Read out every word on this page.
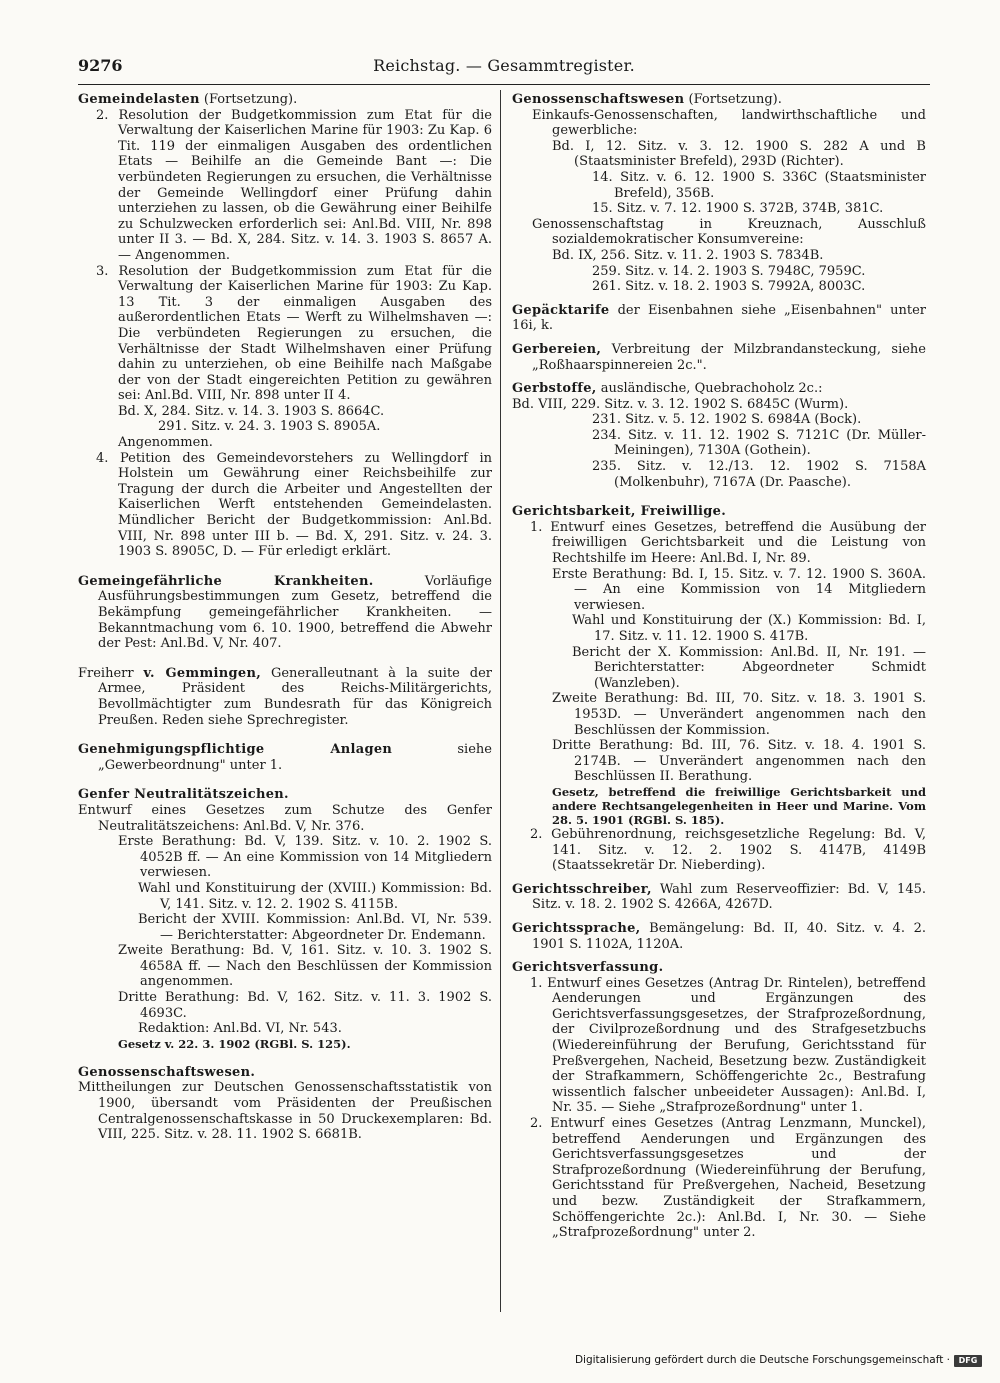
9276	Reichstag. — Gesammtregister.

Gemeindelasten (Fortsetzung).

2. Resolution der Budgetkommission zum Etat für die Verwaltung der Kaiserlichen Marine für 1903: Zu Kap. 6 Tit. 119 der einmaligen Ausgaben des ordentlichen Etats — Beihilfe an die Gemeinde Bant —: Die verbündeten Regierungen zu ersuchen, die Verhältnisse der Gemeinde Wellingdorf einer Prüfung dahin unterziehen zu lassen, ob die Gewährung einer Beihilfe zu Schulzwecken erforderlich sei: Anl.Bd. VIII, Nr. 898 unter II 3. — Bd. X, 284. Sitz. v. 14. 3. 1903 S. 8657 A. — Angenommen.

3. Resolution der Budgetkommission zum Etat für die Verwaltung der Kaiserlichen Marine für 1903: Zu Kap. 13 Tit. 3 der einmaligen Ausgaben des außerordentlichen Etats — Werft zu Wilhelmshaven —: Die verbündeten Regierungen zu ersuchen, die Verhältnisse der Stadt Wilhelmshaven einer Prüfung dahin zu unterziehen, ob eine Beihilfe nach Maßgabe der von der Stadt eingereichten Petition zu gewähren sei: Anl.Bd. VIII, Nr. 898 unter II 4.

Bd. X, 284. Sitz. v. 14. 3. 1903 S. 8664C.

291. Sitz. v. 24. 3. 1903 S. 8905A.

Angenommen.

4. Petition des Gemeindevorstehers zu Wellingdorf in Holstein um Gewährung einer Reichsbeihilfe zur Tragung der durch die Arbeiter und Angestellten der Kaiserlichen Werft entstehenden Gemeindelasten. Mündlicher Bericht der Budgetkommission: Anl.Bd. VIII, Nr. 898 unter III b. — Bd. X, 291. Sitz. v. 24. 3. 1903 S. 8905C, D. — Für erledigt erklärt.

Gemeingefährliche Krankheiten. Vorläufige Ausführungsbestimmungen zum Gesetz, betreffend die Bekämpfung gemeingefährlicher Krankheiten. — Bekanntmachung vom 6. 10. 1900, betreffend die Abwehr der Pest: Anl.Bd. V, Nr. 407.

Freiherr v. Gemmingen, Generalleutnant à la suite der Armee, Präsident des Reichs-Militärgerichts, Bevollmächtigter zum Bundesrath für das Königreich Preußen. Reden siehe Sprechregister.

Genehmigungspflichtige Anlagen siehe „Gewerbeordnung" unter 1.

Genfer Neutralitätszeichen.

Entwurf eines Gesetzes zum Schutze des Genfer Neutralitätszeichens: Anl.Bd. V, Nr. 376.

Erste Berathung: Bd. V, 139. Sitz. v. 10. 2. 1902 S. 4052B ff. — An eine Kommission von 14 Mitgliedern verwiesen.

Wahl und Konstituirung der (XVIII.) Kommission: Bd. V, 141. Sitz. v. 12. 2. 1902 S. 4115B.

Bericht der XVIII. Kommission: Anl.Bd. VI, Nr. 539. — Berichterstatter: Abgeordneter Dr. Endemann.

Zweite Berathung: Bd. V, 161. Sitz. v. 10. 3. 1902 S. 4658A ff. — Nach den Beschlüssen der Kommission angenommen.

Dritte Berathung: Bd. V, 162. Sitz. v. 11. 3. 1902 S. 4693C.

Redaktion: Anl.Bd. VI, Nr. 543.

Gesetz v. 22. 3. 1902 (RGBl. S. 125).

Genossenschaftswesen.

Mittheilungen zur Deutschen Genossenschaftsstatistik von 1900, übersandt vom Präsidenten der Preußischen Centralgenossenschaftskasse in 50 Druckexemplaren: Bd. VIII, 225. Sitz. v. 28. 11. 1902 S. 6681B.

Genossenschaftswesen (Fortsetzung).

Einkaufs-Genossenschaften, landwirthschaftliche und gewerbliche:

Bd. I, 12. Sitz. v. 3. 12. 1900 S. 282 A und B (Staatsminister Brefeld), 293D (Richter).

14. Sitz. v. 6. 12. 1900 S. 336C (Staatsminister Brefeld), 356B.

15. Sitz. v. 7. 12. 1900 S. 372B, 374B, 381C.

Genossenschaftstag in Kreuznach, Ausschluß sozialdemokratischer Konsumvereine:

Bd. IX, 256. Sitz. v. 11. 2. 1903 S. 7834B.

259. Sitz. v. 14. 2. 1903 S. 7948C, 7959C.

261. Sitz. v. 18. 2. 1903 S. 7992A, 8003C.

Gepäcktarife der Eisenbahnen siehe „Eisenbahnen" unter 16i, k.

Gerbereien, Verbreitung der Milzbrandansteckung, siehe „Roßhaarspinnereien 2c.".

Gerbstoffe, ausländische, Quebrachoholz 2c.:

Bd. VIII, 229. Sitz. v. 3. 12. 1902 S. 6845C (Wurm).

231. Sitz. v. 5. 12. 1902 S. 6984A (Bock).

234. Sitz. v. 11. 12. 1902 S. 7121C (Dr. Müller-Meiningen), 7130A (Gothein).

235. Sitz. v. 12./13. 12. 1902 S. 7158A (Molkenbuhr), 7167A (Dr. Paasche).

Gerichtsbarkeit, Freiwillige.

1. Entwurf eines Gesetzes, betreffend die Ausübung der freiwilligen Gerichtsbarkeit und die Leistung von Rechtshilfe im Heere: Anl.Bd. I, Nr. 89.

Erste Berathung: Bd. I, 15. Sitz. v. 7. 12. 1900 S. 360A. — An eine Kommission von 14 Mitgliedern verwiesen.

Wahl und Konstituirung der (X.) Kommission: Bd. I, 17. Sitz. v. 11. 12. 1900 S. 417B.

Bericht der X. Kommission: Anl.Bd. II, Nr. 191. — Berichterstatter: Abgeordneter Schmidt (Wanzleben).

Zweite Berathung: Bd. III, 70. Sitz. v. 18. 3. 1901 S. 1953D. — Unverändert angenommen nach den Beschlüssen der Kommission.

Dritte Berathung: Bd. III, 76. Sitz. v. 18. 4. 1901 S. 2174B. — Unverändert angenommen nach den Beschlüssen II. Berathung.

Gesetz, betreffend die freiwillige Gerichtsbarkeit und andere Rechtsangelegenheiten in Heer und Marine. Vom 28. 5. 1901 (RGBl. S. 185).

2. Gebührenordnung, reichsgesetzliche Regelung: Bd. V, 141. Sitz. v. 12. 2. 1902 S. 4147B, 4149B (Staatssekretär Dr. Nieberding).

Gerichtsschreiber, Wahl zum Reserveoffizier: Bd. V, 145. Sitz. v. 18. 2. 1902 S. 4266A, 4267D.

Gerichtssprache, Bemängelung: Bd. II, 40. Sitz. v. 4. 2. 1901 S. 1102A, 1120A.

Gerichtsverfassung.

1. Entwurf eines Gesetzes (Antrag Dr. Rintelen), betreffend Aenderungen und Ergänzungen des Gerichtsverfassungsgesetzes, der Strafprozeßordnung, der Civilprozeßordnung und des Strafgesetzbuchs (Wiedereinführung der Berufung, Gerichtsstand für Preßvergehen, Nacheid, Besetzung bezw. Zuständigkeit der Strafkammern, Schöffengerichte 2c., Bestrafung wissentlich falscher unbeeideter Aussagen): Anl.Bd. I, Nr. 35. — Siehe „Strafprozeßordnung" unter 1.

2. Entwurf eines Gesetzes (Antrag Lenzmann, Munckel), betreffend Aenderungen und Ergänzungen des Gerichtsverfassungsgesetzes und der Strafprozeßordnung (Wiedereinführung der Berufung, Gerichtsstand für Preßvergehen, Nacheid, Besetzung und bezw. Zuständigkeit der Strafkammern, Schöffengerichte 2c.): Anl.Bd. I, Nr. 30. — Siehe „Strafprozeßordnung" unter 2.

Digitalisierung gefördert durch die Deutsche Forschungsgemeinschaft ·	DFG
